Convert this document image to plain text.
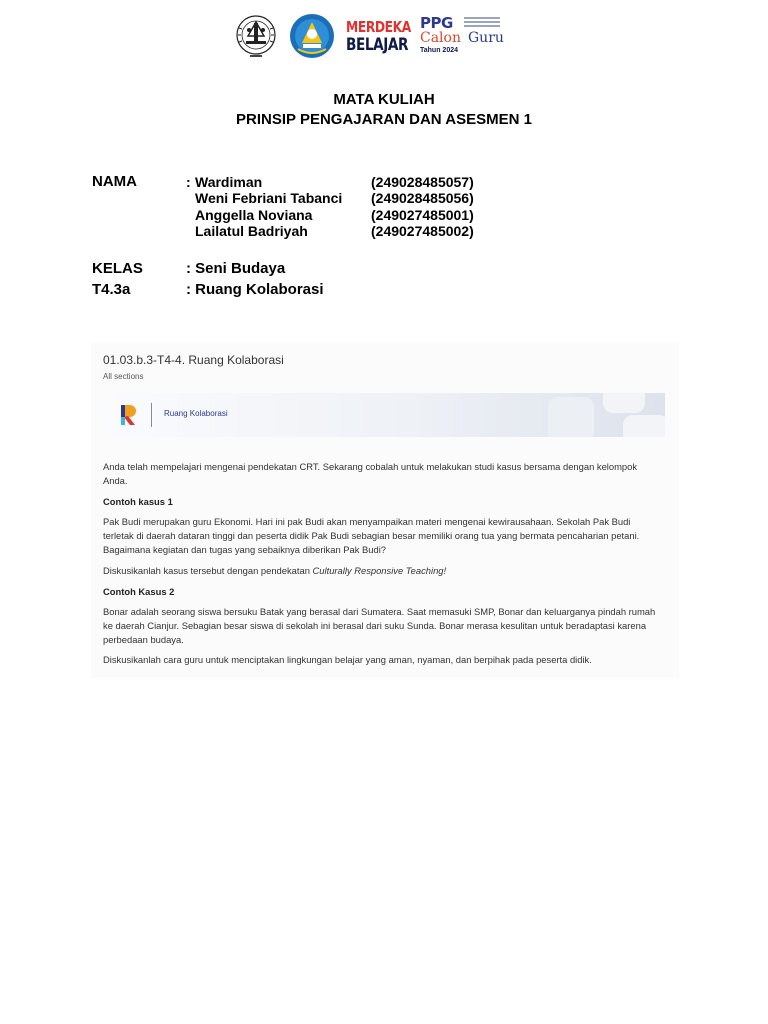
MERDEKA
BELAJAR
PPG
Calon Guru
Tahun 2024
MATA KULIAH
PRINSIP PENGAJARAN DAN ASESMEN 1
NAMA	: Wardiman	(249028485057)
Weni Febriani Tabanci (249028485056)
Anggella Noviana	(249027485001)
Lailatul Badriyah	(249027485002)
KELAS	: Seni Budaya
T4.3a	: Ruang Kolaborasi
01.03.b.3-T4-4. Ruang Kolaborasi
All sections
Ruang Kolaborasi
Anda telah mempelajari mengenai pendekatan CRT. Sekarang cobalah untuk melakukan studi kasus bersama dengan kelompok Anda.
Contoh kasus 1
Pak Budi merupakan guru Ekonomi. Hari ini pak Budi akan menyampaikan materi mengenai kewirausahaan. Sekolah Pak Budi terletak di daerah dataran tinggi dan peserta didik Pak Budi sebagian besar memiliki orang tua yang bermata pencaharian petani. Bagaimana kegiatan dan tugas yang sebaiknya diberikan Pak Budi?
Diskusikanlah kasus tersebut dengan pendekatan Culturally Responsive Teaching!
Contoh Kasus 2
Bonar adalah seorang siswa bersuku Batak yang berasal dari Sumatera. Saat memasuki SMP, Bonar dan keluarganya pindah rumah ke daerah Cianjur. Sebagian besar siswa di sekolah ini berasal dari suku Sunda. Bonar merasa kesulitan untuk beradaptasi karena perbedaan budaya.
Diskusikanlah cara guru untuk menciptakan lingkungan belajar yang aman, nyaman, dan berpihak pada peserta didik.
